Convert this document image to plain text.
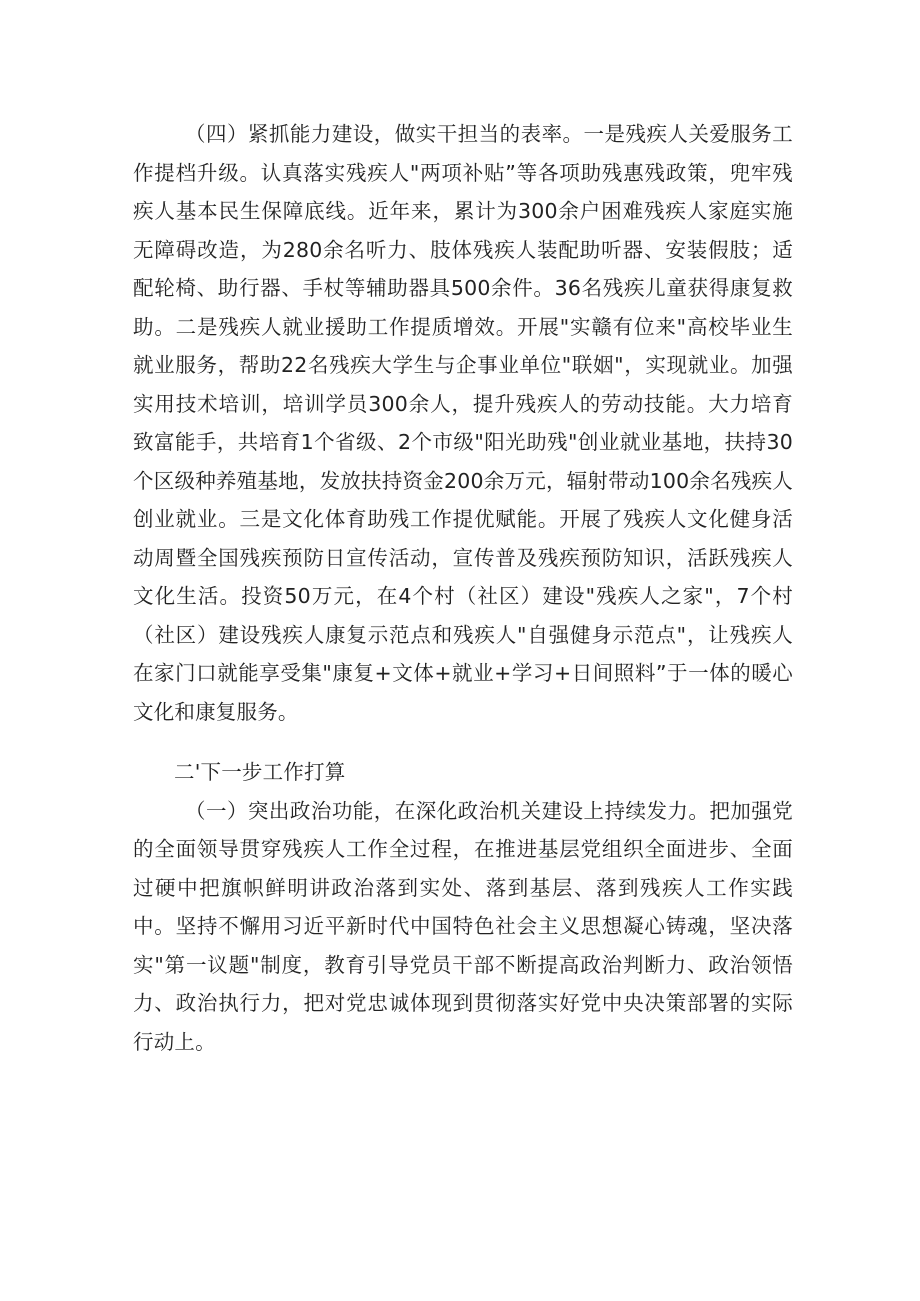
（四）紧抓能力建设，做实干担当的表率。一是残疾人关爱服务工作提档升级。认真落实残疾人"两项补贴”等各项助残惠残政策，兜牢残疾人基本民生保障底线。近年来，累计为300余户困难残疾人家庭实施无障碍改造，为280余名听力、肢体残疾人装配助听器、安装假肢；适配轮椅、助行器、手杖等辅助器具500余件。36名残疾儿童获得康复救助。二是残疾人就业援助工作提质增效。开展"实赣有位来"高校毕业生就业服务，帮助22名残疾大学生与企事业单位"联姻"，实现就业。加强实用技术培训，培训学员300余人，提升残疾人的劳动技能。大力培育致富能手，共培育1个省级、2个市级"阳光助残"创业就业基地，扶持30个区级种养殖基地，发放扶持资金200余万元，辐射带动100余名残疾人创业就业。三是文化体育助残工作提优赋能。开展了残疾人文化健身活动周暨全国残疾预防日宣传活动，宣传普及残疾预防知识，活跃残疾人文化生活。投资50万元，在4个村（社区）建设"残疾人之家"，7个村（社区）建设残疾人康复示范点和残疾人"自强健身示范点"，让残疾人在家门口就能享受集"康复+文体+就业+学习+日间照料”于一体的暖心文化和康复服务。

二'下一步工作打算

（一）突出政治功能，在深化政治机关建设上持续发力。把加强党的全面领导贯穿残疾人工作全过程，在推进基层党组织全面进步、全面过硬中把旗帜鲜明讲政治落到实处、落到基层、落到残疾人工作实践中。坚持不懈用习近平新时代中国特色社会主义思想凝心铸魂，坚决落实"第一议题"制度，教育引导党员干部不断提高政治判断力、政治领悟力、政治执行力，把对党忠诚体现到贯彻落实好党中央决策部署的实际行动上。
